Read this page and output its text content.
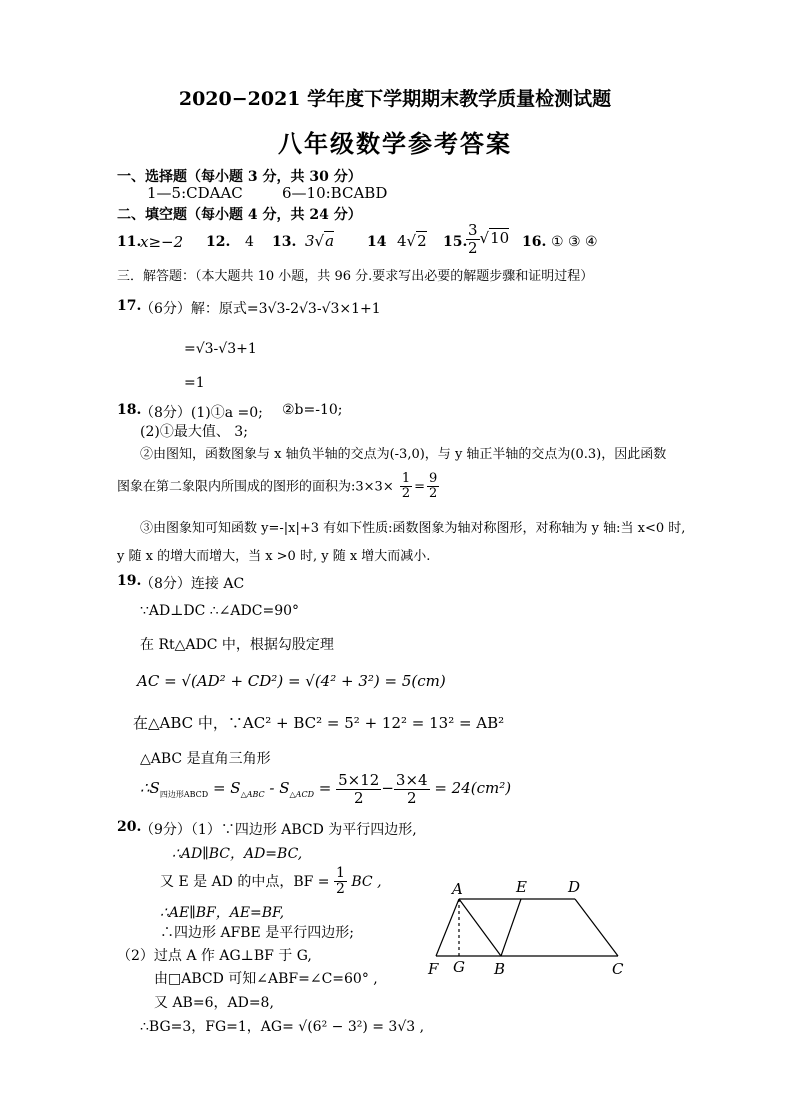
2020−2021 学年度下学期期末教学质量检测试题
八年级数学参考答案
一、选择题（每小题 3 分，共 30 分）
1—5:CDAAC	6—10:BCABD
二、填空题（每小题 4 分，共 24 分）
11.
x≥−2 12. 4 13. 3√a 14 4√2 15.
$\frac{3}{2} √10$ 16. ① ③ ④
三．解答题：（本大题共 10 小题，共 96 分.要求写出必要的解题步骤和证明过程）
17.
（6分）解：原式=3√3-2√3-√3×1+1
=√3-√3+1
=1
18.
（8分）(1)①a =0; ②b=-10;
(2)①最大值、 3;
②由图知，函数图象与 x 轴负半轴的交点为(-3,0)，与 y 轴正半轴的交点为(0.3)，因此函数
图象在第二象限内所围成的图形的面积为:3×3× $\frac{1}{2} = \frac{9}{2}$
③由图象知可知函数 y=-|x|+3 有如下性质:函数图象为轴对称图形，对称轴为 y 轴:当 x<0 时,
y 随 x 的增大而增大，当 x >0 时, y 随 x 增大而减小.
19.
（8分）连接 AC
∵AD⊥DC ∴∠ADC=90°
在 Rt△ADC 中，根据勾股定理
AC = √(AD² + CD²) = √(4² + 3²) = 5(cm)
在△ABC 中，∵AC² + BC² = 5² + 12² = 13² = AB²
△ABC 是直角三角形
$\therefore S_{四边形ABCD} = S_{\triangle ABC} - S_{\triangle ACD} = \frac{5\times 12}{2} - \frac{3\times 4}{2} = 24(cm^2)$
20.
（9分）（1）∵四边形 ABCD 为平行四边形,
∴AD∥BC，AD=BC,
又 E 是 AD 的中点，BF = $\frac{1}{2}$ BC ,
∴AE∥BF，AE=BF,
∴四边形 AFBE 是平行四边形;
（2）过点 A 作 AG⊥BF 于 G,
由□ABCD 可知∠ABF=∠C=60° ,
又 AB=6，AD=8,
∴BG=3，FG=1，AG= √(6² − 3²) = 3√3 ,
A	E	D
F G B	C
